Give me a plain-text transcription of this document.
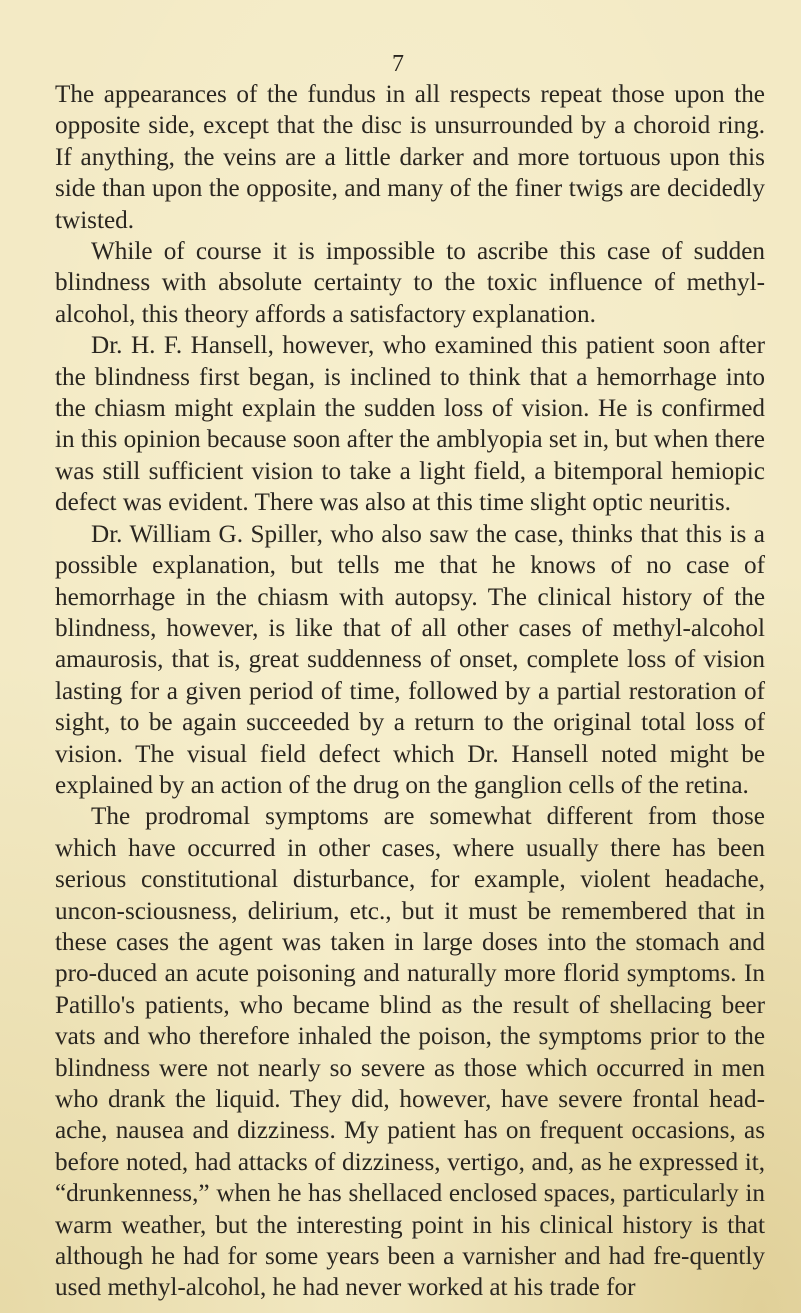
7

The appearances of the fundus in all respects repeat those upon the opposite side, except that the disc is unsurrounded by a choroid ring. If anything, the veins are a little darker and more tortuous upon this side than upon the opposite, and many of the finer twigs are decidedly twisted.

While of course it is impossible to ascribe this case of sudden blindness with absolute certainty to the toxic influence of methyl-alcohol, this theory affords a satisfactory explanation.

Dr. H. F. Hansell, however, who examined this patient soon after the blindness first began, is inclined to think that a hemorrhage into the chiasm might explain the sudden loss of vision. He is confirmed in this opinion because soon after the amblyopia set in, but when there was still sufficient vision to take a light field, a bitemporal hemiopic defect was evident. There was also at this time slight optic neuritis.

Dr. William G. Spiller, who also saw the case, thinks that this is a possible explanation, but tells me that he knows of no case of hemorrhage in the chiasm with autopsy. The clinical history of the blindness, however, is like that of all other cases of methyl-alcohol amaurosis, that is, great suddenness of onset, complete loss of vision lasting for a given period of time, followed by a partial restoration of sight, to be again succeeded by a return to the original total loss of vision. The visual field defect which Dr. Hansell noted might be explained by an action of the drug on the ganglion cells of the retina.

The prodromal symptoms are somewhat different from those which have occurred in other cases, where usually there has been serious constitutional disturbance, for example, violent headache, uncon-sciousness, delirium, etc., but it must be remembered that in these cases the agent was taken in large doses into the stomach and pro-duced an acute poisoning and naturally more florid symptoms. In Patillo's patients, who became blind as the result of shellacing beer vats and who therefore inhaled the poison, the symptoms prior to the blindness were not nearly so severe as those which occurred in men who drank the liquid. They did, however, have severe frontal head-ache, nausea and dizziness. My patient has on frequent occasions, as before noted, had attacks of dizziness, vertigo, and, as he expressed it, “drunkenness,” when he has shellaced enclosed spaces, particularly in warm weather, but the interesting point in his clinical history is that although he had for some years been a varnisher and had fre-quently used methyl-alcohol, he had never worked at his trade for
